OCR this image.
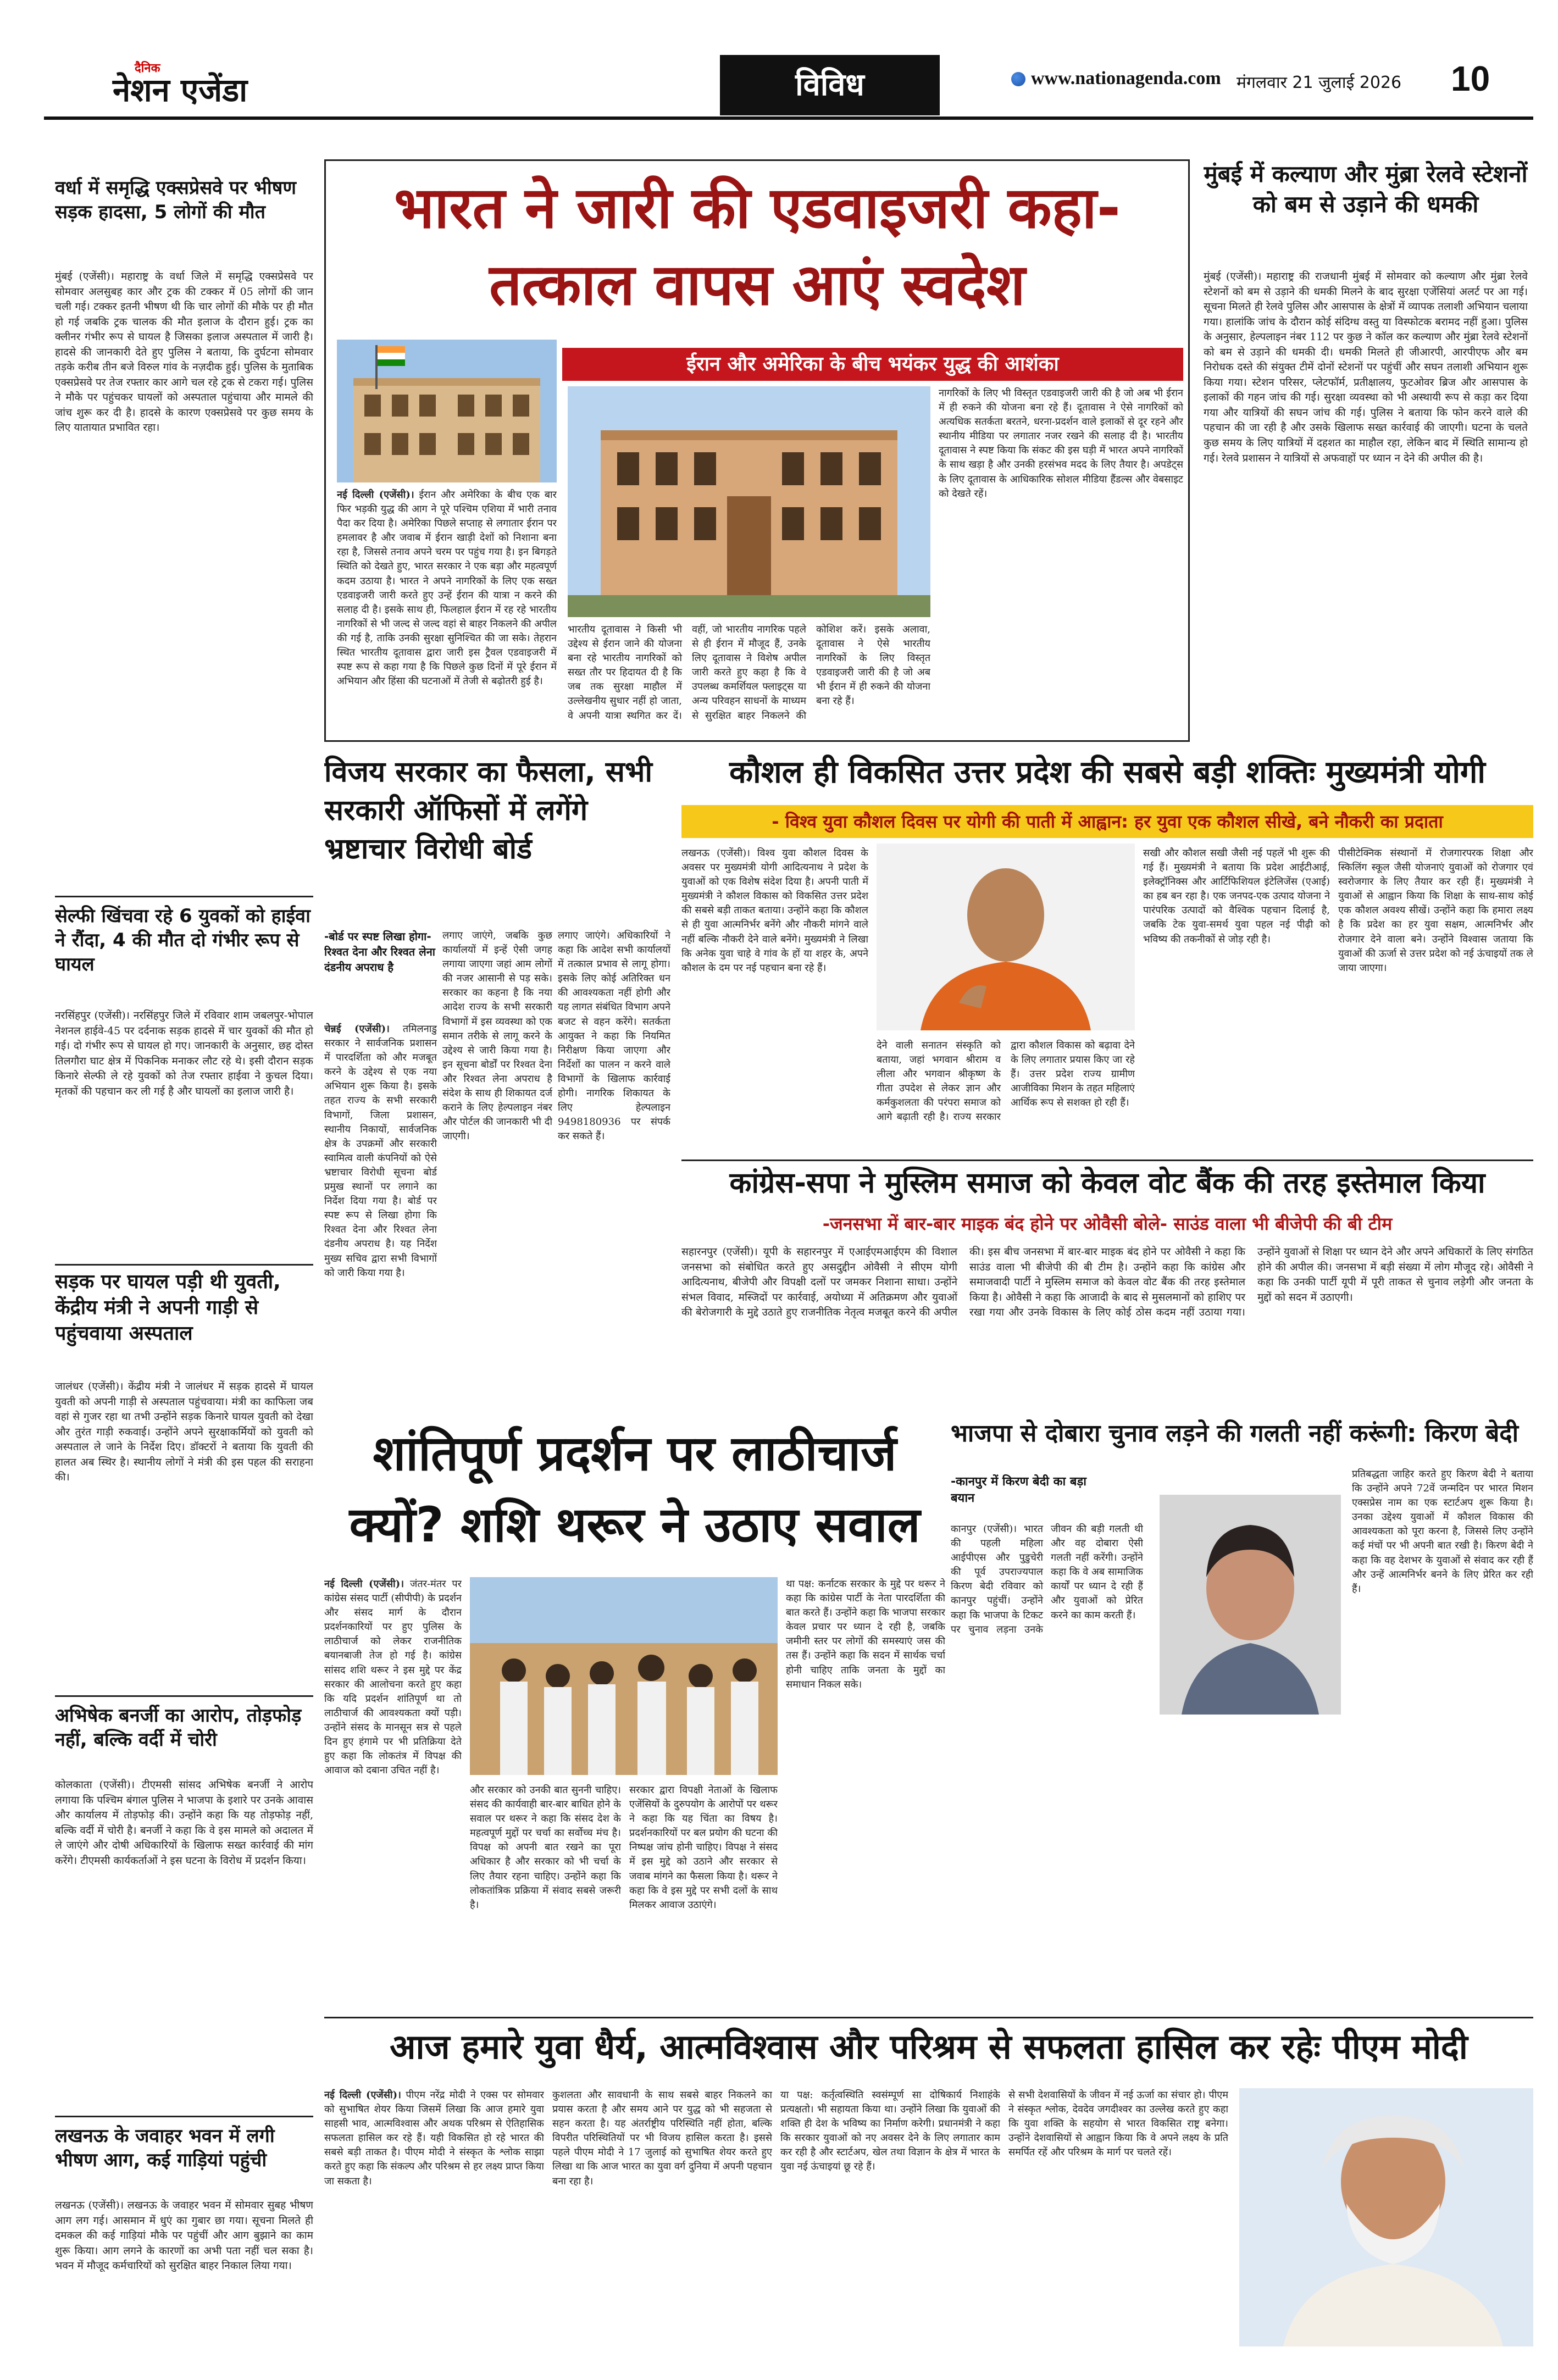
दैनिक
नेशन एजेंडा	विविध	www.nationagenda.com मंगलवार 21 जुलाई 2026 10
वर्धा में समृद्धि एक्सप्रेसवे पर भीषण सड़क हादसा, 5 लोगों की मौत
मुंबई (एजेंसी)। महाराष्ट्र के वर्धा जिले में समृद्धि एक्सप्रेसवे पर सोमवार अलसुबह कार और ट्रक की टक्कर में 05 लोगों की जान चली गई। टक्कर इतनी भीषण थी कि चार लोगों की मौके पर ही मौत हो गई जबकि ट्रक चालक की मौत इलाज के दौरान हुई। ट्रक का क्लीनर गंभीर रूप से घायल है जिसका इलाज अस्पताल में जारी है। हादसे की जानकारी देते हुए पुलिस ने बताया, कि दुर्घटना सोमवार तड़के करीब तीन बजे विरुल गांव के नज़दीक हुई। पुलिस के मुताबिक एक्सप्रेसवे पर तेज रफ्तार कार आगे चल रहे ट्रक से टकरा गई। पुलिस ने मौके पर पहुंचकर घायलों को अस्पताल पहुंचाया और मामले की जांच शुरू कर दी है। हादसे के कारण एक्सप्रेसवे पर कुछ समय के लिए यातायात प्रभावित रहा।
सेल्फी खिंचवा रहे 6 युवकों को हाईवा ने रौंदा, 4 की मौत दो गंभीर रूप से घायल
नरसिंहपुर (एजेंसी)। नरसिंहपुर जिले में रविवार शाम जबलपुर-भोपाल नेशनल हाईवे-45 पर दर्दनाक सड़क हादसे में चार युवकों की मौत हो गई। दो गंभीर रूप से घायल हो गए। जानकारी के अनुसार, छह दोस्त तिलगौरा घाट क्षेत्र में पिकनिक मनाकर लौट रहे थे। इसी दौरान सड़क किनारे सेल्फी ले रहे युवकों को तेज रफ्तार हाईवा ने कुचल दिया। मृतकों की पहचान कर ली गई है और घायलों का इलाज जारी है।
सड़क पर घायल पड़ी थी युवती, केंद्रीय मंत्री ने अपनी गाड़ी से पहुंचवाया अस्पताल
जालंधर (एजेंसी)। केंद्रीय मंत्री ने जालंधर में सड़क हादसे में घायल युवती को अपनी गाड़ी से अस्पताल पहुंचवाया। मंत्री का काफिला जब वहां से गुजर रहा था तभी उन्होंने सड़क किनारे घायल युवती को देखा और तुरंत गाड़ी रुकवाई। उन्होंने अपने सुरक्षाकर्मियों को युवती को अस्पताल ले जाने के निर्देश दिए। डॉक्टरों ने बताया कि युवती की हालत अब स्थिर है। स्थानीय लोगों ने मंत्री की इस पहल की सराहना की।
अभिषेक बनर्जी का आरोप, तोड़फोड़ नहीं, बल्कि वर्दी में चोरी
कोलकाता (एजेंसी)। टीएमसी सांसद अभिषेक बनर्जी ने आरोप लगाया कि पश्चिम बंगाल पुलिस ने भाजपा के इशारे पर उनके आवास और कार्यालय में तोड़फोड़ की। उन्होंने कहा कि यह तोड़फोड़ नहीं, बल्कि वर्दी में चोरी है। बनर्जी ने कहा कि वे इस मामले को अदालत में ले जाएंगे और दोषी अधिकारियों के खिलाफ सख्त कार्रवाई की मांग करेंगे। टीएमसी कार्यकर्ताओं ने इस घटना के विरोध में प्रदर्शन किया।
लखनऊ के जवाहर भवन में लगी भीषण आग, कई गाड़ियां पहुंची
लखनऊ (एजेंसी)। लखनऊ के जवाहर भवन में सोमवार सुबह भीषण आग लग गई। आसमान में धुएं का गुबार छा गया। सूचना मिलते ही दमकल की कई गाड़ियां मौके पर पहुंचीं और आग बुझाने का काम शुरू किया। आग लगने के कारणों का अभी पता नहीं चल सका है। भवन में मौजूद कर्मचारियों को सुरक्षित बाहर निकाल लिया गया।
भारत ने जारी की एडवाइजरी कहा-
तत्काल वापस आएं स्वदेश
ईरान और अमेरिका के बीच भयंकर युद्ध की आशंका
नई दिल्ली (एजेंसी)। ईरान और अमेरिका के बीच एक बार फिर भड़की युद्ध की आग ने पूरे पश्चिम एशिया में भारी तनाव पैदा कर दिया है। अमेरिका पिछले सप्ताह से लगातार ईरान पर हमलावर है और जवाब में ईरान खाड़ी देशों को निशाना बना रहा है, जिससे तनाव अपने चरम पर पहुंच गया है। इन बिगड़ते स्थिति को देखते हुए, भारत सरकार ने एक बड़ा और महत्वपूर्ण कदम उठाया है। भारत ने अपने नागरिकों के लिए एक सख्त एडवाइजरी जारी करते हुए उन्हें ईरान की यात्रा न करने की सलाह दी है। इसके साथ ही, फिलहाल ईरान में रह रहे भारतीय नागरिकों से भी जल्द से जल्द वहां से बाहर निकलने की अपील की गई है, ताकि उनकी सुरक्षा सुनिश्चित की जा सके। तेहरान स्थित भारतीय दूतावास द्वारा जारी इस ट्रैवल एडवाइजरी में स्पष्ट रूप से कहा गया है कि पिछले कुछ दिनों में पूरे ईरान में अभियान और हिंसा की घटनाओं में तेजी से बढ़ोतरी हुई है।
भारतीय दूतावास ने किसी भी उद्देश्य से ईरान जाने की योजना बना रहे भारतीय नागरिकों को सख्त तौर पर हिदायत दी है कि जब तक सुरक्षा माहौल में उल्लेखनीय सुधार नहीं हो जाता, वे अपनी यात्रा स्थगित कर दें। वहीं, जो भारतीय नागरिक पहले से ही ईरान में मौजूद हैं, उनके लिए दूतावास ने विशेष अपील जारी करते हुए कहा है कि वे उपलब्ध कमर्शियल फ्लाइट्स या अन्य परिवहन साधनों के माध्यम से सुरक्षित बाहर निकलने की कोशिश करें। इसके अलावा, दूतावास ने ऐसे भारतीय नागरिकों के लिए विस्तृत एडवाइजरी जारी की है जो अब भी ईरान में ही रुकने की योजना बना रहे हैं।
नागरिकों के लिए भी विस्तृत एडवाइजरी जारी की है जो अब भी ईरान में ही रुकने की योजना बना रहे हैं। दूतावास ने ऐसे नागरिकों को अत्यधिक सतर्कता बरतने, धरना-प्रदर्शन वाले इलाकों से दूर रहने और स्थानीय मीडिया पर लगातार नजर रखने की सलाह दी है। भारतीय दूतावास ने स्पष्ट किया कि संकट की इस घड़ी में भारत अपने नागरिकों के साथ खड़ा है और उनकी हरसंभव मदद के लिए तैयार है। अपडेट्स के लिए दूतावास के आधिकारिक सोशल मीडिया हैंडल्स और वेबसाइट को देखते रहें।
मुंबई में कल्याण और मुंब्रा रेलवे स्टेशनों को बम से उड़ाने की धमकी
मुंबई (एजेंसी)। महाराष्ट्र की राजधानी मुंबई में सोमवार को कल्याण और मुंब्रा रेलवे स्टेशनों को बम से उड़ाने की धमकी मिलने के बाद सुरक्षा एजेंसियां अलर्ट पर आ गई। सूचना मिलते ही रेलवे पुलिस और आसपास के क्षेत्रों में व्यापक तलाशी अभियान चलाया गया। हालांकि जांच के दौरान कोई संदिग्ध वस्तु या विस्फोटक बरामद नहीं हुआ। पुलिस के अनुसार, हेल्पलाइन नंबर 112 पर कुछ ने कॉल कर कल्याण और मुंब्रा रेलवे स्टेशनों को बम से उड़ाने की धमकी दी। धमकी मिलते ही जीआरपी, आरपीएफ और बम निरोधक दस्ते की संयुक्त टीमें दोनों स्टेशनों पर पहुंचीं और सघन तलाशी अभियान शुरू किया गया। स्टेशन परिसर, प्लेटफॉर्म, प्रतीक्षालय, फुटओवर ब्रिज और आसपास के इलाकों की गहन जांच की गई। सुरक्षा व्यवस्था को भी अस्थायी रूप से कड़ा कर दिया गया और यात्रियों की सघन जांच की गई। पुलिस ने बताया कि फोन करने वाले की पहचान की जा रही है और उसके खिलाफ सख्त कार्रवाई की जाएगी। घटना के चलते कुछ समय के लिए यात्रियों में दहशत का माहौल रहा, लेकिन बाद में स्थिति सामान्य हो गई। रेलवे प्रशासन ने यात्रियों से अफवाहों पर ध्यान न देने की अपील की है।
विजय सरकार का फैसला, सभी सरकारी ऑफिसों में लगेंगे भ्रष्टाचार विरोधी बोर्ड
-बोर्ड पर स्पष्ट लिखा होगा-रिश्वत देना और रिश्वत लेना दंडनीय अपराध है
चेन्नई (एजेंसी)। तमिलनाडु सरकार ने सार्वजनिक प्रशासन में पारदर्शिता को और मजबूत करने के उद्देश्य से एक नया अभियान शुरू किया है। इसके तहत राज्य के सभी सरकारी विभागों, जिला प्रशासन, स्थानीय निकायों, सार्वजनिक क्षेत्र के उपक्रमों और सरकारी स्वामित्व वाली कंपनियों को ऐसे भ्रष्टाचार विरोधी सूचना बोर्ड प्रमुख स्थानों पर लगाने का निर्देश दिया गया है। बोर्ड पर स्पष्ट रूप से लिखा होगा कि रिश्वत देना और रिश्वत लेना दंडनीय अपराध है। यह निर्देश मुख्य सचिव द्वारा सभी विभागों को जारी किया गया है।
लगाए जाएंगे, जबकि कुछ कार्यालयों में इन्हें ऐसी जगह लगाया जाएगा जहां आम लोगों की नजर आसानी से पड़ सके। सरकार का कहना है कि नया आदेश राज्य के सभी सरकारी विभागों में इस व्यवस्था को एक समान तरीके से लागू करने के उद्देश्य से जारी किया गया है। इन सूचना बोर्डों पर रिश्वत देना और रिश्वत लेना अपराध है संदेश के साथ ही शिकायत दर्ज कराने के लिए हेल्पलाइन नंबर और पोर्टल की जानकारी भी दी जाएगी।
लगाए जाएंगे। अधिकारियों ने कहा कि आदेश सभी कार्यालयों में तत्काल प्रभाव से लागू होगा। इसके लिए कोई अतिरिक्त धन की आवश्यकता नहीं होगी और यह लागत संबंधित विभाग अपने बजट से वहन करेंगे। सतर्कता आयुक्त ने कहा कि नियमित निरीक्षण किया जाएगा और निर्देशों का पालन न करने वाले विभागों के खिलाफ कार्रवाई होगी। नागरिक शिकायत के लिए हेल्पलाइन 9498180936 पर संपर्क कर सकते हैं।
कौशल ही विकसित उत्तर प्रदेश की सबसे बड़ी शक्तिः मुख्यमंत्री योगी
- विश्व युवा कौशल दिवस पर योगी की पाती में आह्वान: हर युवा एक कौशल सीखे, बने नौकरी का प्रदाता
लखनऊ (एजेंसी)। विश्व युवा कौशल दिवस के अवसर पर मुख्यमंत्री योगी आदित्यनाथ ने प्रदेश के युवाओं को एक विशेष संदेश दिया है। अपनी पाती में मुख्यमंत्री ने कौशल विकास को विकसित उत्तर प्रदेश की सबसे बड़ी ताकत बताया। उन्होंने कहा कि कौशल से ही युवा आत्मनिर्भर बनेंगे और नौकरी मांगने वाले नहीं बल्कि नौकरी देने वाले बनेंगे। मुख्यमंत्री ने लिखा कि अनेक युवा चाहे वे गांव के हों या शहर के, अपने कौशल के दम पर नई पहचान बना रहे हैं।
देने वाली सनातन संस्कृति को बताया, जहां भगवान श्रीराम व लीला और भगवान श्रीकृष्ण के गीता उपदेश से लेकर ज्ञान और कर्मकुशलता की परंपरा समाज को आगे बढ़ाती रही है। राज्य सरकार द्वारा कौशल विकास को बढ़ावा देने के लिए लगातार प्रयास किए जा रहे हैं। उत्तर प्रदेश राज्य ग्रामीण आजीविका मिशन के तहत महिलाएं आर्थिक रूप से सशक्त हो रही हैं।
सखी और कौशल सखी जैसी नई पहलें भी शुरू की गई हैं। मुख्यमंत्री ने बताया कि प्रदेश आईटीआई, इलेक्ट्रॉनिक्स और आर्टिफिशियल इंटेलिजेंस (एआई) का हब बन रहा है। एक जनपद-एक उत्पाद योजना ने पारंपरिक उत्पादों को वैश्विक पहचान दिलाई है, जबकि टेक युवा-समर्थ युवा पहल नई पीढ़ी को भविष्य की तकनीकों से जोड़ रही है।
पीसीटेक्निक संस्थानों में रोजगारपरक शिक्षा और स्किलिंग स्कूल जैसी योजनाएं युवाओं को रोजगार एवं स्वरोजगार के लिए तैयार कर रही हैं। मुख्यमंत्री ने युवाओं से आह्वान किया कि शिक्षा के साथ-साथ कोई एक कौशल अवश्य सीखें। उन्होंने कहा कि हमारा लक्ष्य है कि प्रदेश का हर युवा सक्षम, आत्मनिर्भर और रोजगार देने वाला बने। उन्होंने विश्वास जताया कि युवाओं की ऊर्जा से उत्तर प्रदेश को नई ऊंचाइयों तक ले जाया जाएगा।
कांग्रेस-सपा ने मुस्लिम समाज को केवल वोट बैंक की तरह इस्तेमाल किया
-जनसभा में बार-बार माइक बंद होने पर ओवैसी बोले- साउंड वाला भी बीजेपी की बी टीम
सहारनपुर (एजेंसी)। यूपी के सहारनपुर में एआईएमआईएम की विशाल जनसभा को संबोधित करते हुए असदुद्दीन ओवैसी ने सीएम योगी आदित्यनाथ, बीजेपी और विपक्षी दलों पर जमकर निशाना साधा। उन्होंने संभल विवाद, मस्जिदों पर कार्रवाई, अयोध्या में अतिक्रमण और युवाओं की बेरोजगारी के मुद्दे उठाते हुए राजनीतिक नेतृत्व मजबूत करने की अपील की। इस बीच जनसभा में बार-बार माइक बंद होने पर ओवैसी ने कहा कि साउंड वाला भी बीजेपी की बी टीम है। उन्होंने कहा कि कांग्रेस और समाजवादी पार्टी ने मुस्लिम समाज को केवल वोट बैंक की तरह इस्तेमाल किया है। ओवैसी ने कहा कि आजादी के बाद से मुसलमानों को हाशिए पर रखा गया और उनके विकास के लिए कोई ठोस कदम नहीं उठाया गया। उन्होंने युवाओं से शिक्षा पर ध्यान देने और अपने अधिकारों के लिए संगठित होने की अपील की। जनसभा में बड़ी संख्या में लोग मौजूद रहे। ओवैसी ने कहा कि उनकी पार्टी यूपी में पूरी ताकत से चुनाव लड़ेगी और जनता के मुद्दों को सदन में उठाएगी।
शांतिपूर्ण प्रदर्शन पर लाठीचार्ज
क्यों? शशि थरूर ने उठाए सवाल
नई दिल्ली (एजेंसी)। जंतर-मंतर पर कांग्रेस संसद पार्टी (सीपीपी) के प्रदर्शन और संसद मार्ग के दौरान प्रदर्शनकारियों पर हुए पुलिस के लाठीचार्ज को लेकर राजनीतिक बयानबाजी तेज हो गई है। कांग्रेस सांसद शशि थरूर ने इस मुद्दे पर केंद्र सरकार की आलोचना करते हुए कहा कि यदि प्रदर्शन शांतिपूर्ण था तो लाठीचार्ज की आवश्यकता क्यों पड़ी। उन्होंने संसद के मानसून सत्र से पहले दिन हुए हंगामे पर भी प्रतिक्रिया देते हुए कहा कि लोकतंत्र में विपक्ष की आवाज को दबाना उचित नहीं है।
और सरकार को उनकी बात सुननी चाहिए। संसद की कार्यवाही बार-बार बाधित होने के सवाल पर थरूर ने कहा कि संसद देश के महत्वपूर्ण मुद्दों पर चर्चा का सर्वोच्च मंच है। विपक्ष को अपनी बात रखने का पूरा अधिकार है और सरकार को भी चर्चा के लिए तैयार रहना चाहिए। उन्होंने कहा कि लोकतांत्रिक प्रक्रिया में संवाद सबसे जरूरी है।
सरकार द्वारा विपक्षी नेताओं के खिलाफ एजेंसियों के दुरुपयोग के आरोपों पर थरूर ने कहा कि यह चिंता का विषय है। प्रदर्शनकारियों पर बल प्रयोग की घटना की निष्पक्ष जांच होनी चाहिए। विपक्ष ने संसद में इस मुद्दे को उठाने और सरकार से जवाब मांगने का फैसला किया है। थरूर ने कहा कि वे इस मुद्दे पर सभी दलों के साथ मिलकर आवाज उठाएंगे।
था पक्ष: कर्नाटक सरकार के मुद्दे पर थरूर ने कहा कि कांग्रेस पार्टी के नेता पारदर्शिता की बात करते हैं। उन्होंने कहा कि भाजपा सरकार केवल प्रचार पर ध्यान दे रही है, जबकि जमीनी स्तर पर लोगों की समस्याएं जस की तस हैं। उन्होंने कहा कि सदन में सार्थक चर्चा होनी चाहिए ताकि जनता के मुद्दों का समाधान निकल सके।
भाजपा से दोबारा चुनाव लड़ने की गलती नहीं करूंगी: किरण बेदी
-कानपुर में किरण बेदी का बड़ा बयान
कानपुर (एजेंसी)। भारत की पहली महिला आईपीएस और पुडुचेरी की पूर्व उपराज्यपाल किरण बेदी रविवार को कानपुर पहुंचीं। उन्होंने कहा कि भाजपा के टिकट पर चुनाव लड़ना उनके जीवन की बड़ी गलती थी और वह दोबारा ऐसी गलती नहीं करेंगी। उन्होंने कहा कि वे अब सामाजिक कार्यों पर ध्यान दे रही हैं और युवाओं को प्रेरित करने का काम करती हैं।
प्रतिबद्धता जाहिर करते हुए किरण बेदी ने बताया कि उन्होंने अपने 72वें जन्मदिन पर भारत मिशन एक्सप्रेस नाम का एक स्टार्टअप शुरू किया है। उनका उद्देश्य युवाओं में कौशल विकास की आवश्यकता को पूरा करना है, जिससे लिए उन्होंने कई मंचों पर भी अपनी बात रखी है। किरण बेदी ने कहा कि वह देशभर के युवाओं से संवाद कर रही हैं और उन्हें आत्मनिर्भर बनने के लिए प्रेरित कर रही हैं।
आज हमारे युवा धैर्य, आत्मविश्वास और परिश्रम से सफलता हासिल कर रहेः पीएम मोदी
नई दिल्ली (एजेंसी)। पीएम नरेंद्र मोदी ने एक्स पर सोमवार को सुभाषित शेयर किया जिसमें लिखा कि आज हमारे युवा साहसी भाव, आत्मविश्वास और अथक परिश्रम से ऐतिहासिक सफलता हासिल कर रहे हैं। यही विकसित हो रहे भारत की सबसे बड़ी ताकत है। पीएम मोदी ने संस्कृत के श्लोक साझा करते हुए कहा कि संकल्प और परिश्रम से हर लक्ष्य प्राप्त किया जा सकता है।
कुशलता और सावधानी के साथ सबसे बाहर निकलने का प्रयास करता है और समय आने पर युद्ध को भी सहजता से सहन करता है। यह अंतर्राष्ट्रीय परिस्थिति नहीं होता, बल्कि विपरीत परिस्थितियों पर भी विजय हासिल करता है। इससे पहले पीएम मोदी ने 17 जुलाई को सुभाषित शेयर करते हुए लिखा था कि आज भारत का युवा वर्ग दुनिया में अपनी पहचान बना रहा है।
या पक्ष: कर्तृत्वस्थिति स्वसंम्पूर्ण सा दोषिकार्य निशाहंके प्रत्यक्षतो। भी सहायता किया था। उन्होंने लिखा कि युवाओं की शक्ति ही देश के भविष्य का निर्माण करेगी। प्रधानमंत्री ने कहा कि सरकार युवाओं को नए अवसर देने के लिए लगातार काम कर रही है और स्टार्टअप, खेल तथा विज्ञान के क्षेत्र में भारत के युवा नई ऊंचाइयां छू रहे हैं।
से सभी देशवासियों के जीवन में नई ऊर्जा का संचार हो। पीएम ने संस्कृत श्लोक, देवदेव जगदीश्वर का उल्लेख करते हुए कहा कि युवा शक्ति के सहयोग से भारत विकसित राष्ट्र बनेगा। उन्होंने देशवासियों से आह्वान किया कि वे अपने लक्ष्य के प्रति समर्पित रहें और परिश्रम के मार्ग पर चलते रहें।
